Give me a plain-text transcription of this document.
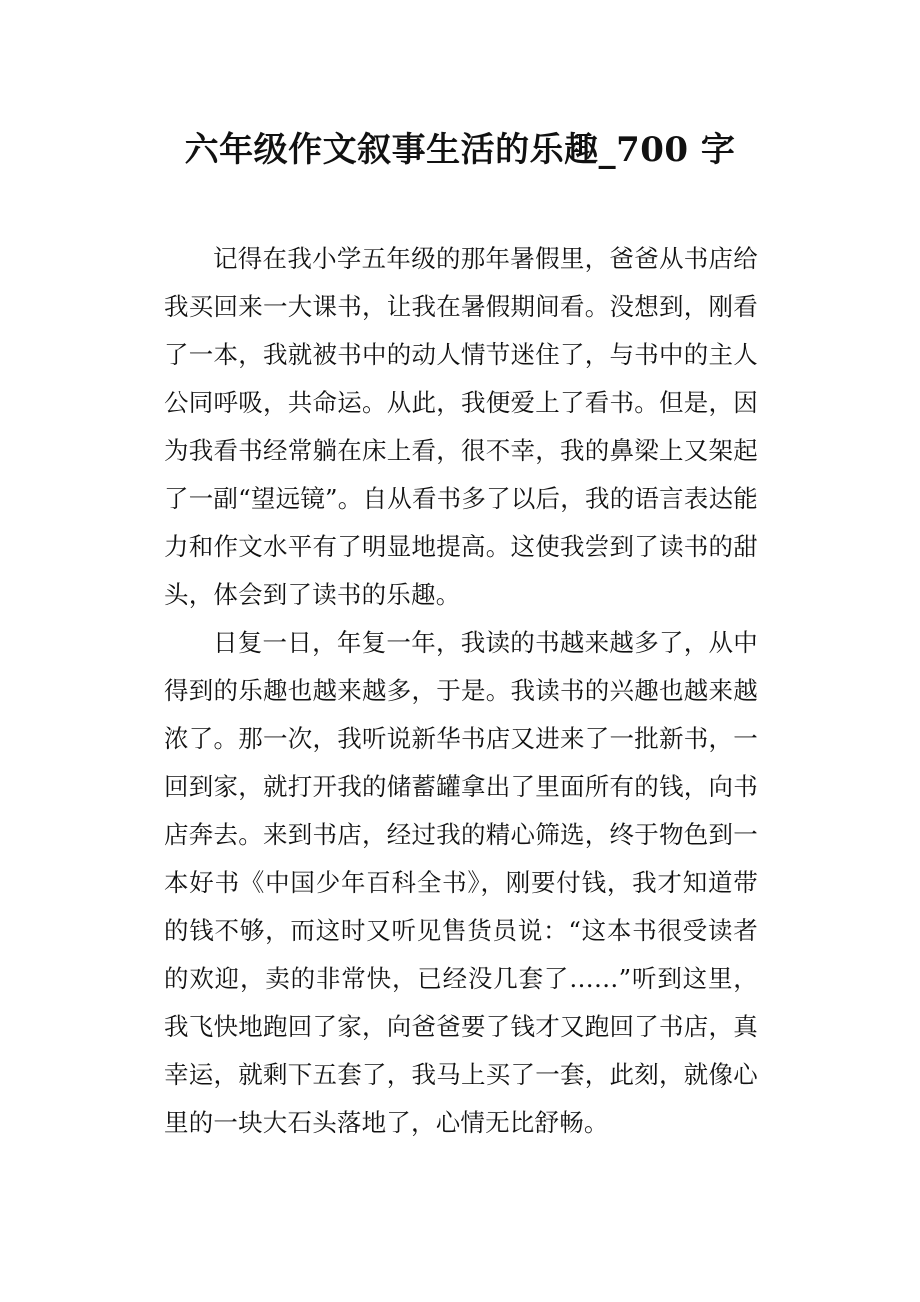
六年级作文叙事生活的乐趣_700 字

记得在我小学五年级的那年暑假里，爸爸从书店给我买回来一大课书，让我在暑假期间看。没想到，刚看了一本，我就被书中的动人情节迷住了，与书中的主人公同呼吸，共命运。从此，我便爱上了看书。但是，因为我看书经常躺在床上看，很不幸，我的鼻梁上又架起了一副“望远镜”。自从看书多了以后，我的语言表达能力和作文水平有了明显地提高。这使我尝到了读书的甜头，体会到了读书的乐趣。

日复一日，年复一年，我读的书越来越多了，从中得到的乐趣也越来越多，于是。我读书的兴趣也越来越浓了。那一次，我听说新华书店又进来了一批新书，一回到家，就打开我的储蓄罐拿出了里面所有的钱，向书店奔去。来到书店，经过我的精心筛选，终于物色到一本好书《中国少年百科全书》，刚要付钱，我才知道带的钱不够，而这时又听见售货员说：“这本书很受读者的欢迎，卖的非常快，已经没几套了……”听到这里，我飞快地跑回了家，向爸爸要了钱才又跑回了书店，真幸运，就剩下五套了，我马上买了一套，此刻，就像心里的一块大石头落地了，心情无比舒畅。
